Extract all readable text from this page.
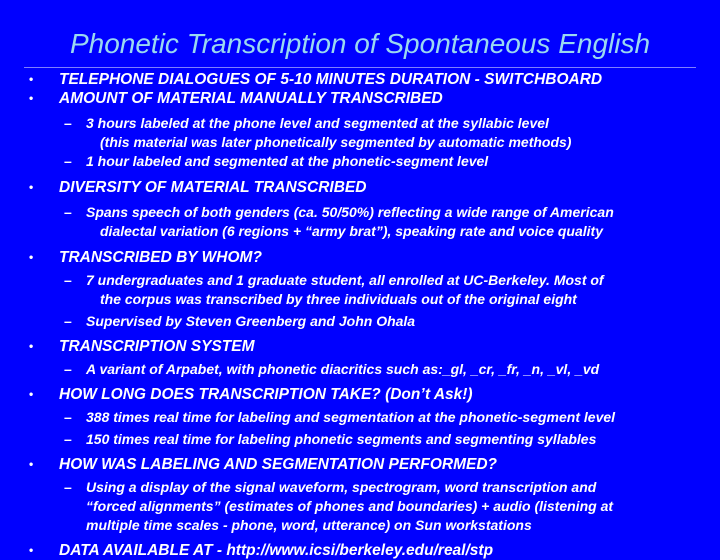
Phonetic Transcription of Spontaneous English
• TELEPHONE DIALOGUES OF 5-10 MINUTES DURATION - SWITCHBOARD
• AMOUNT OF MATERIAL MANUALLY TRANSCRIBED
– 3 hours labeled at the phone level and segmented at the syllabic level
(this material was later phonetically segmented by automatic methods)
– 1 hour labeled and segmented at the phonetic-segment level
• DIVERSITY OF MATERIAL TRANSCRIBED
– Spans speech of both genders (ca. 50/50%) reflecting a wide range of American
dialectal variation (6 regions + “army brat”), speaking rate and voice quality
• TRANSCRIBED BY WHOM?
– 7 undergraduates and 1 graduate student, all enrolled at UC-Berkeley. Most of
the corpus was transcribed by three individuals out of the original eight
– Supervised by Steven Greenberg and John Ohala
• TRANSCRIPTION SYSTEM
– A variant of Arpabet, with phonetic diacritics such as:_gl, _cr, _fr, _n, _vl, _vd
• HOW LONG DOES TRANSCRIPTION TAKE? (Don’t Ask!)
– 388 times real time for labeling and segmentation at the phonetic-segment level
– 150 times real time for labeling phonetic segments and segmenting syllables
• HOW WAS LABELING AND SEGMENTATION PERFORMED?
– Using a display of the signal waveform, spectrogram, word transcription and
“forced alignments” (estimates of phones and boundaries) + audio (listening at
multiple time scales - phone, word, utterance) on Sun workstations
• DATA AVAILABLE AT - http://www.icsi/berkeley.edu/real/stp
